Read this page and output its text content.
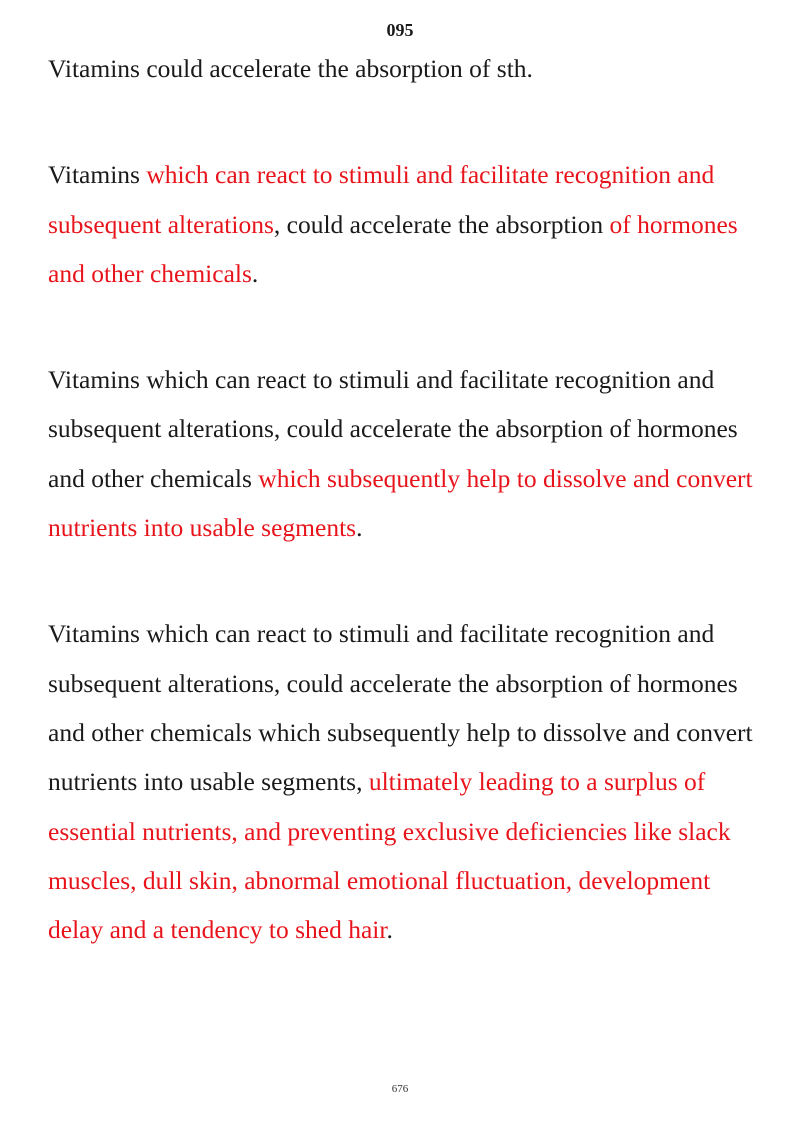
095

Vitamins could accelerate the absorption of sth.

Vitamins which can react to stimuli and facilitate recognition and subsequent alterations, could accelerate the absorption of hormones and other chemicals.

Vitamins which can react to stimuli and facilitate recognition and subsequent alterations, could accelerate the absorption of hormones and other chemicals which subsequently help to dissolve and convert nutrients into usable segments.

Vitamins which can react to stimuli and facilitate recognition and subsequent alterations, could accelerate the absorption of hormones and other chemicals which subsequently help to dissolve and convert nutrients into usable segments, ultimately leading to a surplus of essential nutrients, and preventing exclusive deficiencies like slack muscles, dull skin, abnormal emotional fluctuation, development delay and a tendency to shed hair.

676
